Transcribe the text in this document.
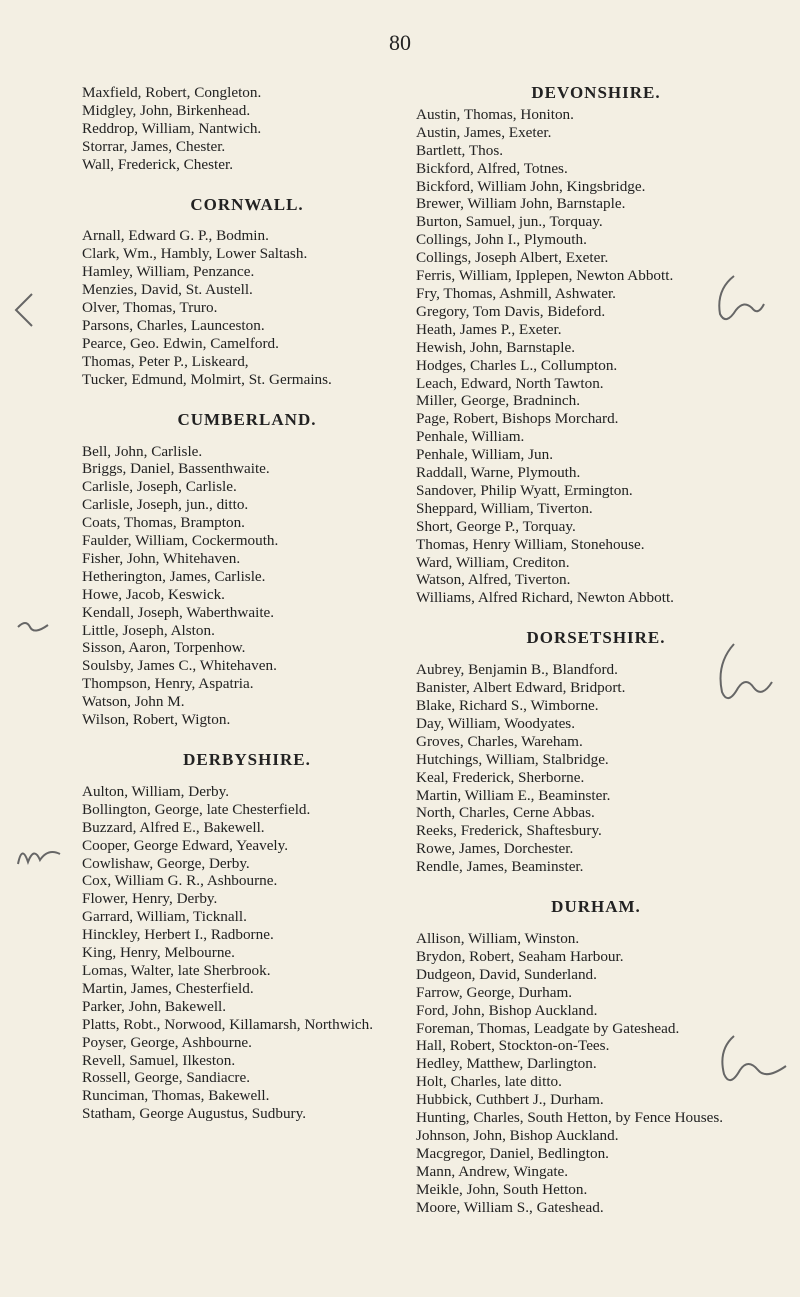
80
Maxfield, Robert, Congleton.
Midgley, John, Birkenhead.
Reddrop, William, Nantwich.
Storrar, James, Chester.
Wall, Frederick, Chester.
CORNWALL.
Arnall, Edward G. P., Bodmin.
Clark, Wm., Hambly, Lower Saltash.
Hamley, William, Penzance.
Menzies, David, St. Austell.
Olver, Thomas, Truro.
Parsons, Charles, Launceston.
Pearce, Geo. Edwin, Camelford.
Thomas, Peter P., Liskeard,
Tucker, Edmund, Molmirt, St. Germains.
CUMBERLAND.
Bell, John, Carlisle.
Briggs, Daniel, Bassenthwaite.
Carlisle, Joseph, Carlisle.
Carlisle, Joseph, jun., ditto.
Coats, Thomas, Brampton.
Faulder, William, Cockermouth.
Fisher, John, Whitehaven.
Hetherington, James, Carlisle.
Howe, Jacob, Keswick.
Kendall, Joseph, Waberthwaite.
Little, Joseph, Alston.
Sisson, Aaron, Torpenhow.
Soulsby, James C., Whitehaven.
Thompson, Henry, Aspatria.
Watson, John M.
Wilson, Robert, Wigton.
DERBYSHIRE.
Aulton, William, Derby.
Bollington, George, late Chesterfield.
Buzzard, Alfred E., Bakewell.
Cooper, George Edward, Yeavely.
Cowlishaw, George, Derby.
Cox, William G. R., Ashbourne.
Flower, Henry, Derby.
Garrard, William, Ticknall.
Hinckley, Herbert I., Radborne.
King, Henry, Melbourne.
Lomas, Walter, late Sherbrook.
Martin, James, Chesterfield.
Parker, John, Bakewell.
Platts, Robt., Norwood, Killamarsh, Northwich.
Poyser, George, Ashbourne.
Revell, Samuel, Ilkeston.
Rossell, George, Sandiacre.
Runciman, Thomas, Bakewell.
Statham, George Augustus, Sudbury.
DEVONSHIRE.
Austin, Thomas, Honiton.
Austin, James, Exeter.
Bartlett, Thos.
Bickford, Alfred, Totnes.
Bickford, William John, Kingsbridge.
Brewer, William John, Barnstaple.
Burton, Samuel, jun., Torquay.
Collings, John I., Plymouth.
Collings, Joseph Albert, Exeter.
Ferris, William, Ipplepen, Newton Abbott.
Fry, Thomas, Ashmill, Ashwater.
Gregory, Tom Davis, Bideford.
Heath, James P., Exeter.
Hewish, John, Barnstaple.
Hodges, Charles L., Collumpton.
Leach, Edward, North Tawton.
Miller, George, Bradninch.
Page, Robert, Bishops Morchard.
Penhale, William.
Penhale, William, Jun.
Raddall, Warne, Plymouth.
Sandover, Philip Wyatt, Ermington.
Sheppard, William, Tiverton.
Short, George P., Torquay.
Thomas, Henry William, Stonehouse.
Ward, William, Crediton.
Watson, Alfred, Tiverton.
Williams, Alfred Richard, Newton Abbott.
DORSETSHIRE.
Aubrey, Benjamin B., Blandford.
Banister, Albert Edward, Bridport.
Blake, Richard S., Wimborne.
Day, William, Woodyates.
Groves, Charles, Wareham.
Hutchings, William, Stalbridge.
Keal, Frederick, Sherborne.
Martin, William E., Beaminster.
North, Charles, Cerne Abbas.
Reeks, Frederick, Shaftesbury.
Rowe, James, Dorchester.
Rendle, James, Beaminster.
DURHAM.
Allison, William, Winston.
Brydon, Robert, Seaham Harbour.
Dudgeon, David, Sunderland.
Farrow, George, Durham.
Ford, John, Bishop Auckland.
Foreman, Thomas, Leadgate by Gateshead.
Hall, Robert, Stockton-on-Tees.
Hedley, Matthew, Darlington.
Holt, Charles, late ditto.
Hubbick, Cuthbert J., Durham.
Hunting, Charles, South Hetton, by Fence Houses.
Johnson, John, Bishop Auckland.
Macgregor, Daniel, Bedlington.
Mann, Andrew, Wingate.
Meikle, John, South Hetton.
Moore, William S., Gateshead.
